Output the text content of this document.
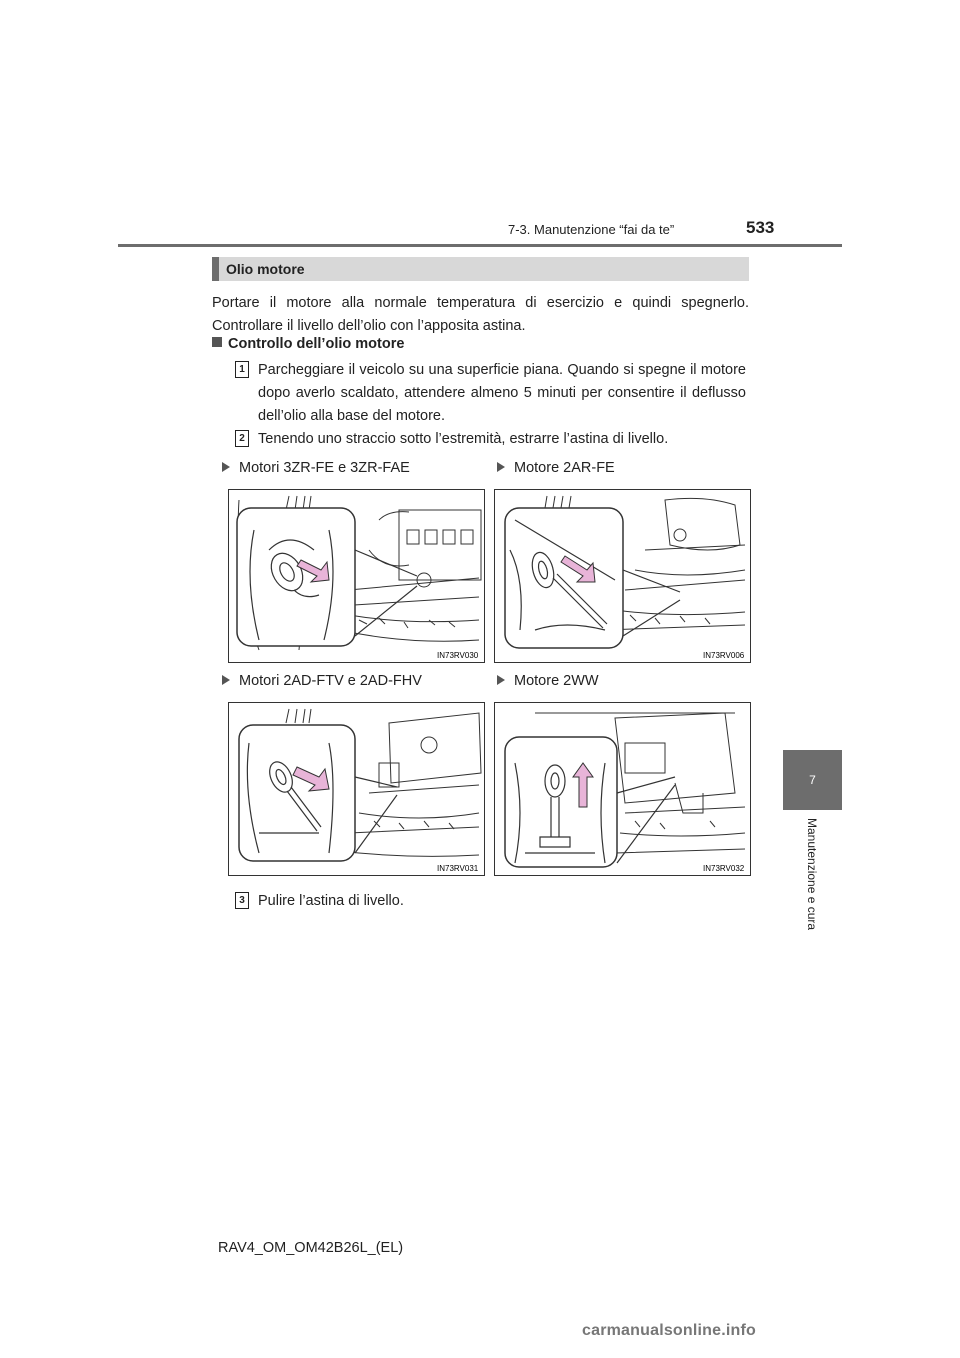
7-3. Manutenzione “fai da te”	533
7
Manutenzione e cura
Olio motore
Portare il motore alla normale temperatura di esercizio e quindi spegnerlo. Controllare il livello dell’olio con l’apposita astina.
Controllo dell’olio motore
1 Parcheggiare il veicolo su una superficie piana. Quando si spegne il motore dopo averlo scaldato, attendere almeno 5 minuti per consentire il deflusso dell’olio alla base del motore.
2 Tenendo uno straccio sotto l’estremità, estrarre l’astina di livello.
Motori 3ZR-FE e 3ZR-FAE	Motore 2AR-FE
IN73RV030	IN73RV006
Motori 2AD-FTV e 2AD-FHV	Motore 2WW
IN73RV031	IN73RV032
3 Pulire l’astina di livello.
RAV4_OM_OM42B26L_(EL)
carmanualsonline.info
